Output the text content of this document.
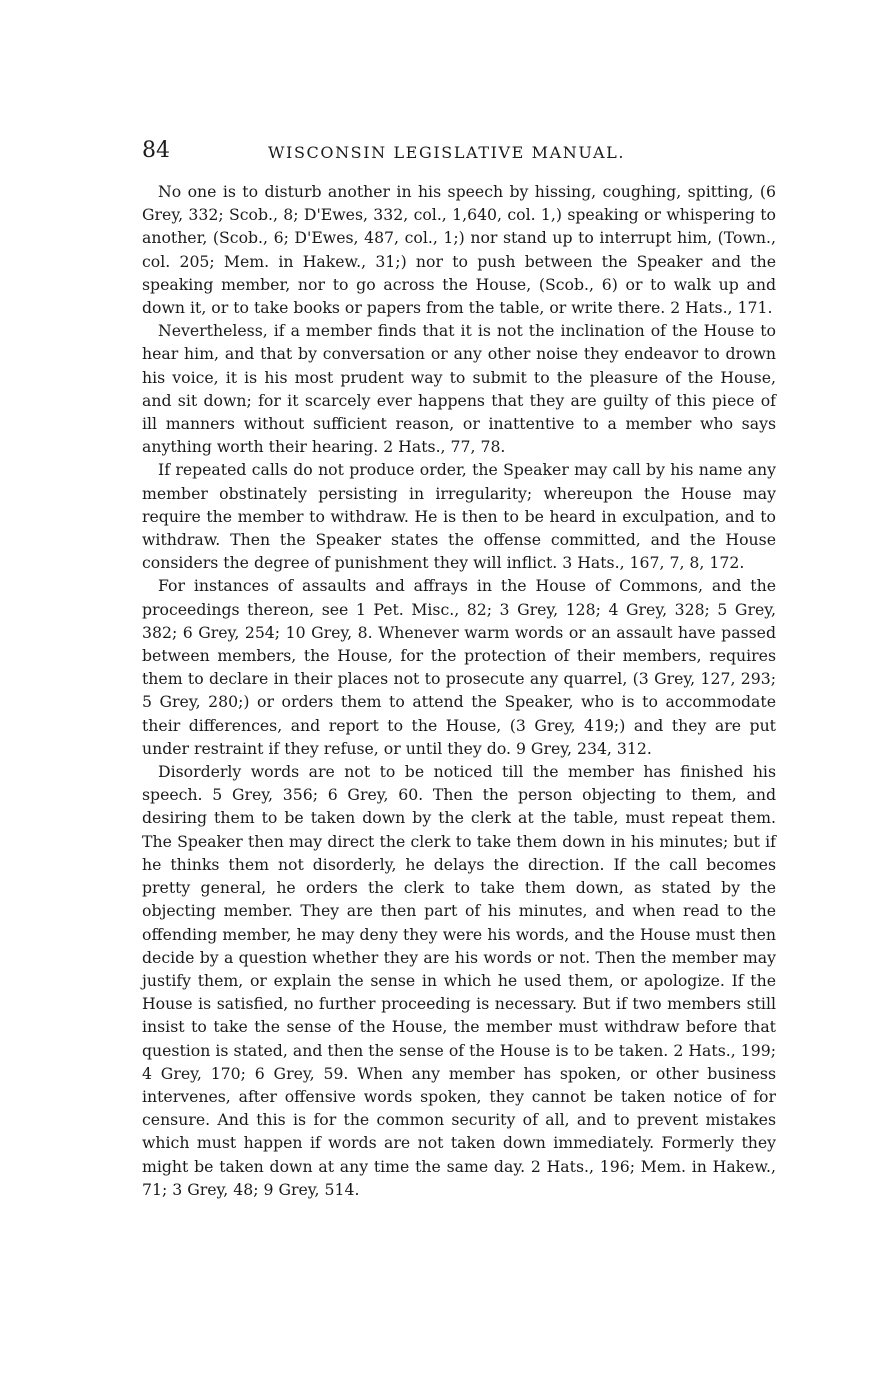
84	WISCONSIN LEGISLATIVE MANUAL.

No one is to disturb another in his speech by hissing, coughing, spitting, (6 Grey, 332; Scob., 8; D'Ewes, 332, col., 1,640, col. 1,) speaking or whispering to another, (Scob., 6; D'Ewes, 487, col., 1;) nor stand up to interrupt him, (Town., col. 205; Mem. in Hakew., 31;) nor to push between the Speaker and the speaking member, nor to go across the House, (Scob., 6) or to walk up and down it, or to take books or papers from the table, or write there. 2 Hats., 171.

Nevertheless, if a member finds that it is not the inclination of the House to hear him, and that by conversation or any other noise they endeavor to drown his voice, it is his most prudent way to submit to the pleasure of the House, and sit down; for it scarcely ever happens that they are guilty of this piece of ill manners without sufficient reason, or inattentive to a member who says anything worth their hearing. 2 Hats., 77, 78.

If repeated calls do not produce order, the Speaker may call by his name any member obstinately persisting in irregularity; whereupon the House may require the member to withdraw. He is then to be heard in exculpation, and to withdraw. Then the Speaker states the offense committed, and the House considers the degree of punishment they will inflict. 3 Hats., 167, 7, 8, 172.

For instances of assaults and affrays in the House of Commons, and the proceedings thereon, see 1 Pet. Misc., 82; 3 Grey, 128; 4 Grey, 328; 5 Grey, 382; 6 Grey, 254; 10 Grey, 8. Whenever warm words or an assault have passed between members, the House, for the protection of their members, requires them to declare in their places not to prosecute any quarrel, (3 Grey, 127, 293; 5 Grey, 280;) or orders them to attend the Speaker, who is to accommodate their differences, and report to the House, (3 Grey, 419;) and they are put under restraint if they refuse, or until they do. 9 Grey, 234, 312.

Disorderly words are not to be noticed till the member has finished his speech. 5 Grey, 356; 6 Grey, 60. Then the person objecting to them, and desiring them to be taken down by the clerk at the table, must repeat them. The Speaker then may direct the clerk to take them down in his minutes; but if he thinks them not disorderly, he delays the direction. If the call becomes pretty general, he orders the clerk to take them down, as stated by the objecting member. They are then part of his minutes, and when read to the offending member, he may deny they were his words, and the House must then decide by a question whether they are his words or not. Then the member may justify them, or explain the sense in which he used them, or apologize. If the House is satisfied, no further proceeding is necessary. But if two members still insist to take the sense of the House, the member must withdraw before that question is stated, and then the sense of the House is to be taken. 2 Hats., 199; 4 Grey, 170; 6 Grey, 59. When any member has spoken, or other business intervenes, after offensive words spoken, they cannot be taken notice of for censure. And this is for the common security of all, and to prevent mistakes which must happen if words are not taken down immediately. Formerly they might be taken down at any time the same day. 2 Hats., 196; Mem. in Hakew., 71; 3 Grey, 48; 9 Grey, 514.
